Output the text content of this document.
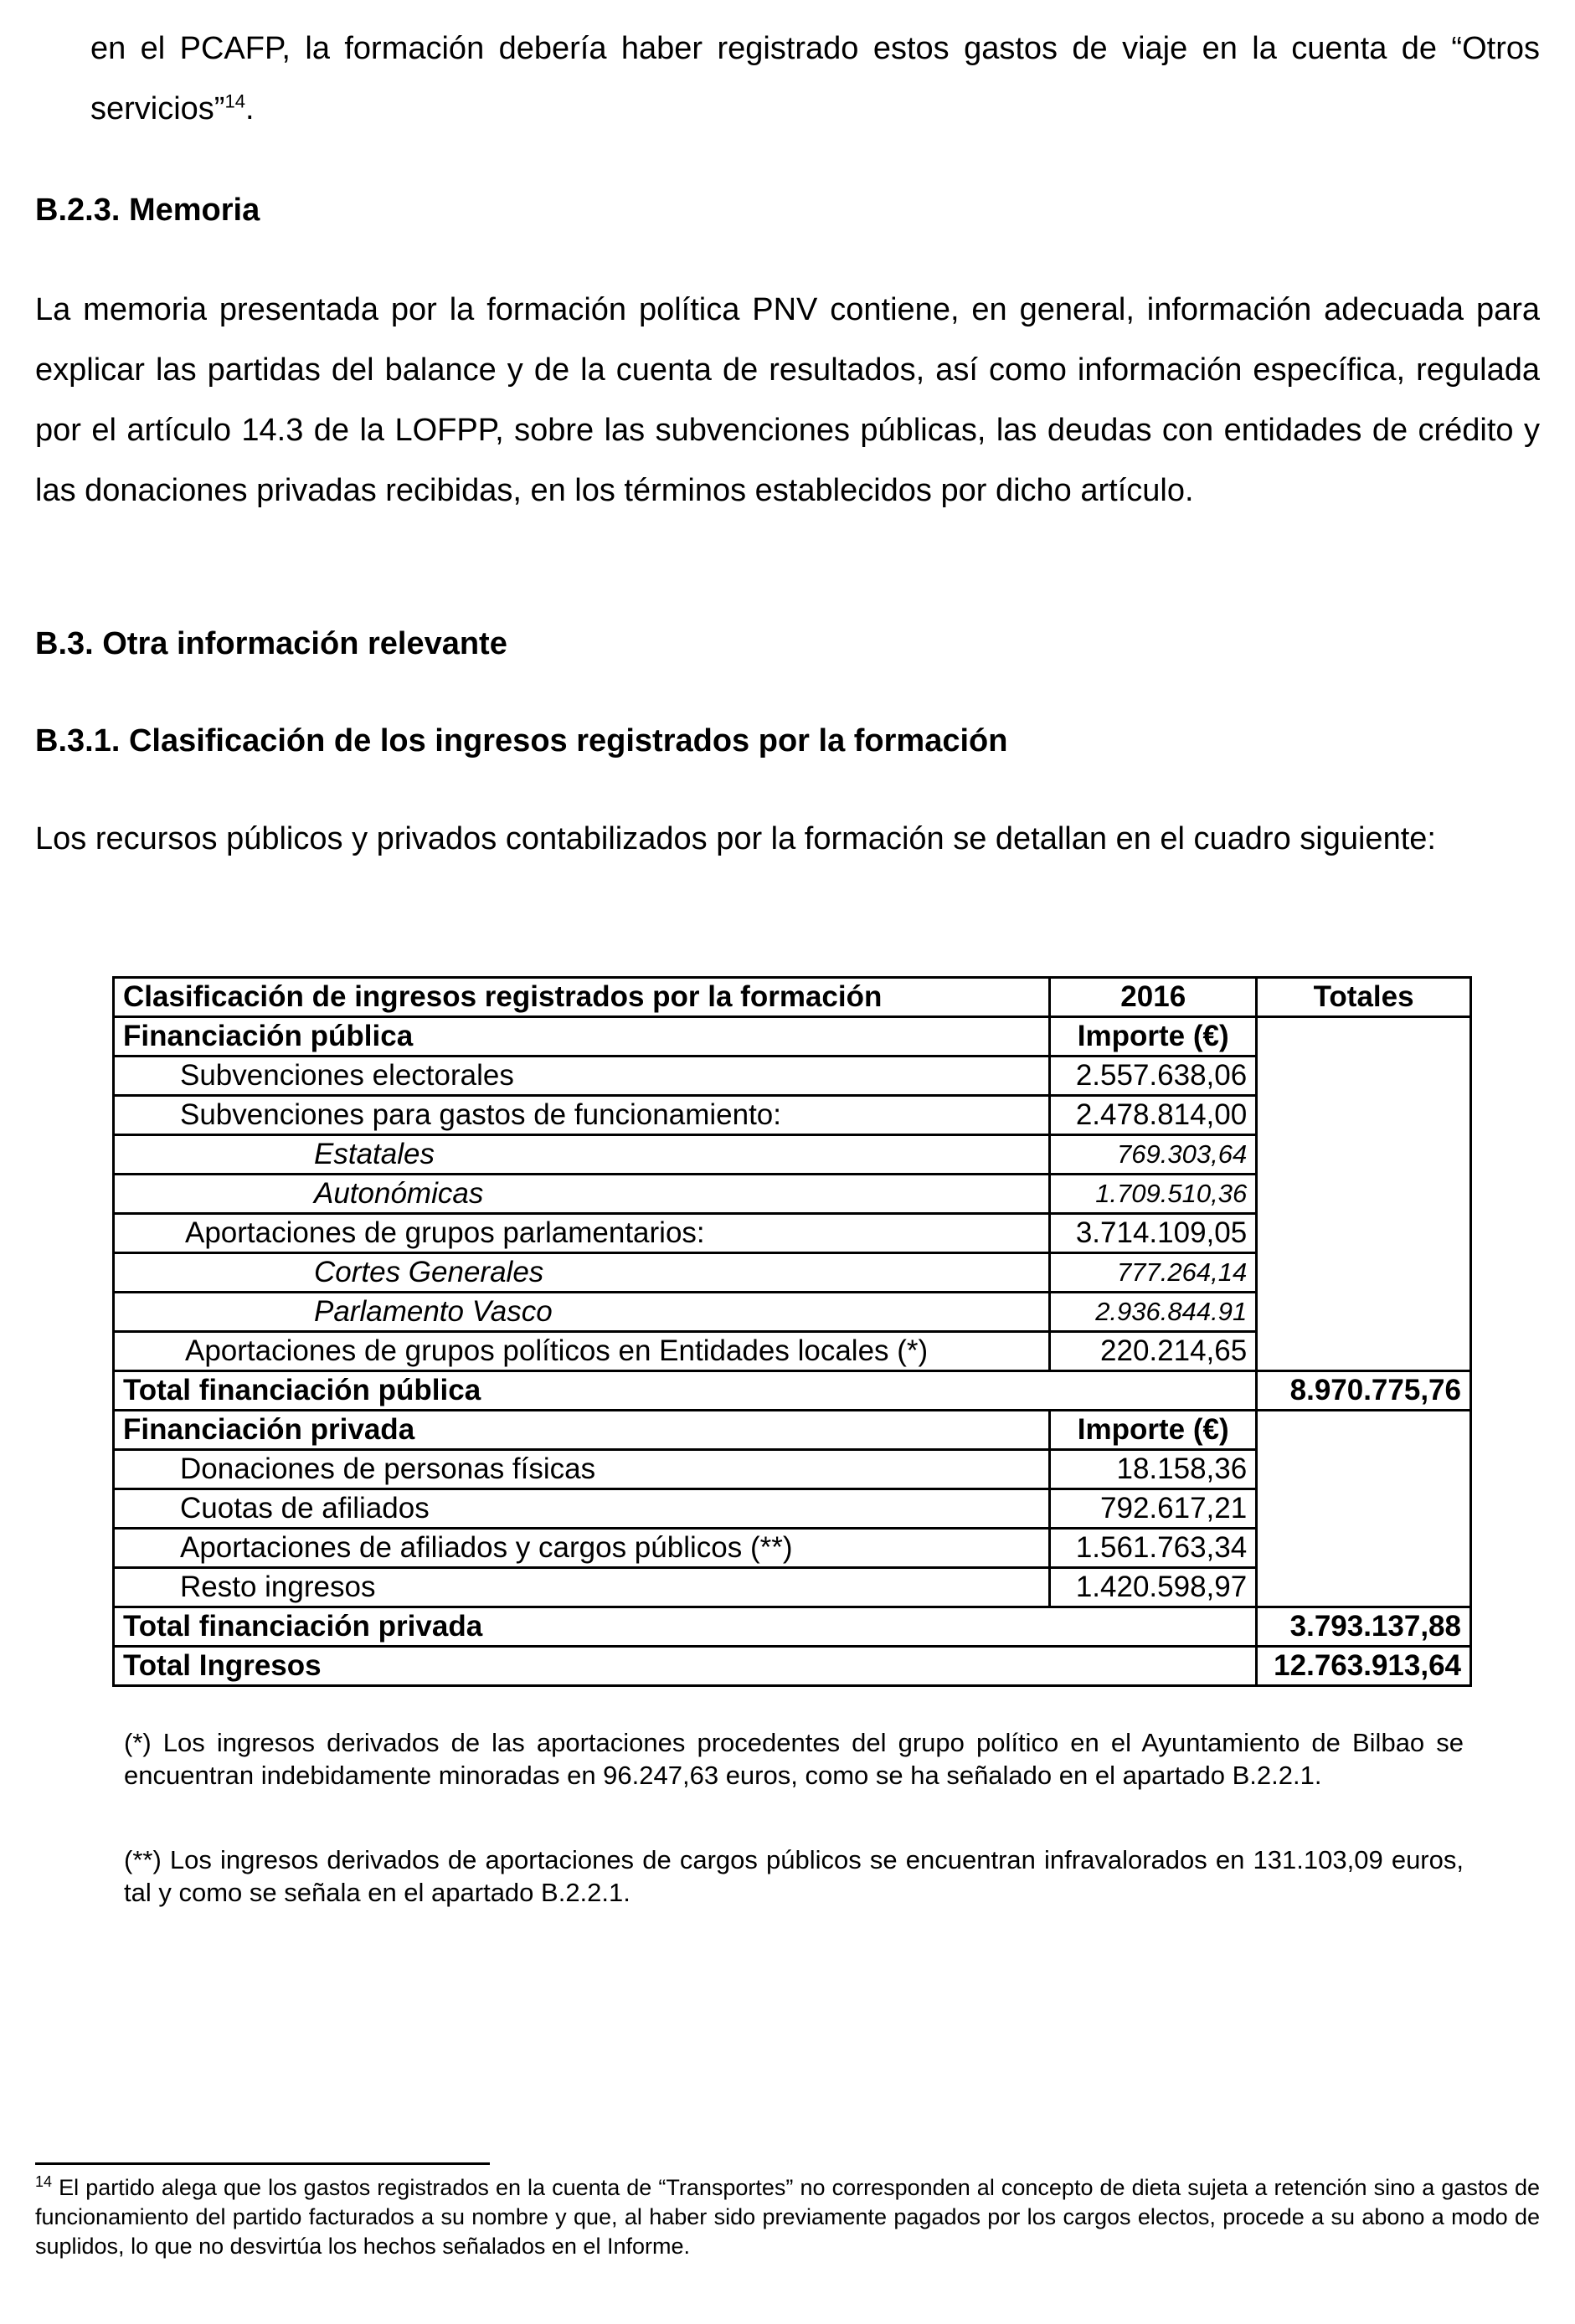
en el PCAFP, la formación debería haber registrado estos gastos de viaje en la cuenta de “Otros servicios”$^{14}$.

B.2.3. Memoria

La memoria presentada por la formación política PNV contiene, en general, información adecuada para explicar las partidas del balance y de la cuenta de resultados, así como información específica, regulada por el artículo 14.3 de la LOFPP, sobre las subvenciones públicas, las deudas con entidades de crédito y las donaciones privadas recibidas, en los términos establecidos por dicho artículo.

B.3. Otra información relevante
B.3.1. Clasificación de los ingresos registrados por la formación

Los recursos públicos y privados contabilizados por la formación se detallan en el cuadro siguiente:

Clasificación de ingresos registrados por la formación	2016	Totales
Financiación pública	Importe (€)	
Subvenciones electorales	2.557.638,06	
Subvenciones para gastos de funcionamiento:	2.478.814,00	
Estatales	769.303,64	
Autonómicas	1.709.510,36	
Aportaciones de grupos parlamentarios:	3.714.109,05	
Cortes Generales	777.264,14	
Parlamento Vasco	2.936.844.91	
Aportaciones de grupos políticos en Entidades locales (*)	220.214,65	
Total financiación pública		8.970.775,76
Financiación privada	Importe (€)	
Donaciones de personas físicas	18.158,36	
Cuotas de afiliados	792.617,21	
Aportaciones de afiliados y cargos públicos (**)	1.561.763,34	
Resto ingresos	1.420.598,97	
Total financiación privada		3.793.137,88
Total Ingresos		12.763.913,64

(*) Los ingresos derivados de las aportaciones procedentes del grupo político en el Ayuntamiento de Bilbao se encuentran indebidamente minoradas en 96.247,63 euros, como se ha señalado en el apartado B.2.2.1.

(**) Los ingresos derivados de aportaciones de cargos públicos se encuentran infravalorados en 131.103,09 euros, tal y como se señala en el apartado B.2.2.1.

$^{14}$ El partido alega que los gastos registrados en la cuenta de “Transportes” no corresponden al concepto de dieta sujeta a retención sino a gastos de funcionamiento del partido facturados a su nombre y que, al haber sido previamente pagados por los cargos electos, procede a su abono a modo de suplidos, lo que no desvirtúa los hechos señalados en el Informe.
